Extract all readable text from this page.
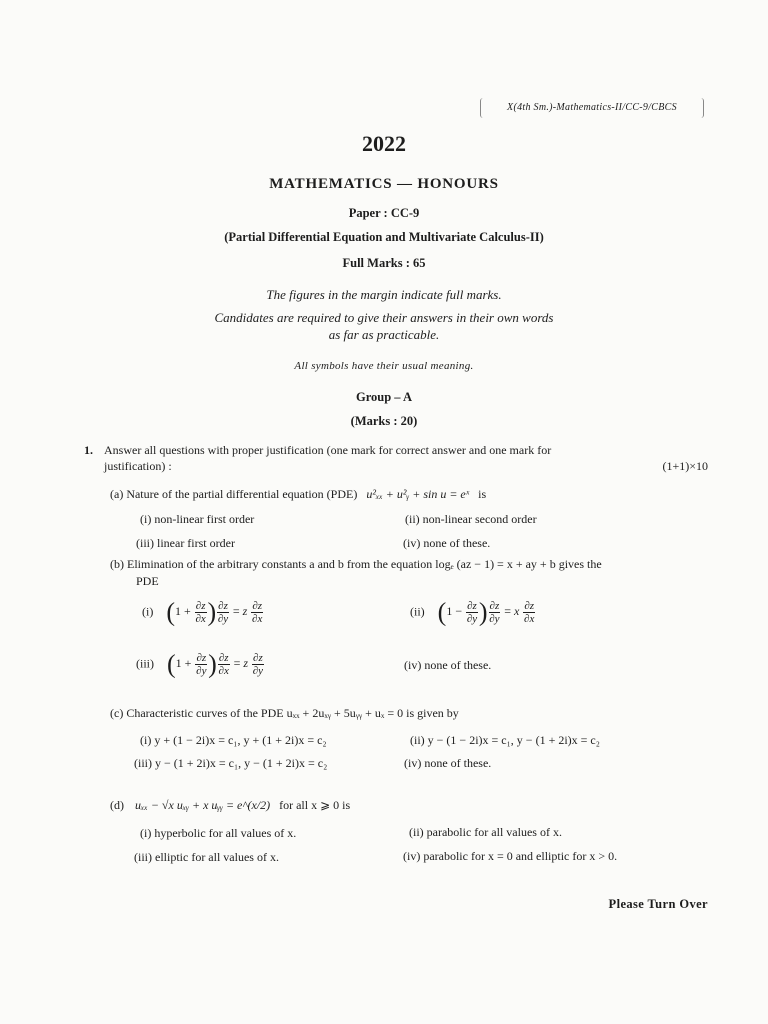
X(4th Sm.)-Mathematics-II/CC-9/CBCS
2022
MATHEMATICS — HONOURS
Paper : CC-9
(Partial Differential Equation and Multivariate Calculus-II)
Full Marks : 65
The figures in the margin indicate full marks.
Candidates are required to give their answers in their own words
as far as practicable.
All symbols have their usual meaning.
Group – A
(Marks : 20)
1. Answer all questions with proper justification (one mark for correct answer and one mark for
justification) :	(1+1)×10
(a) Nature of the partial differential equation (PDE) u²ₓₓ + u²ᵧ + sin u = eˣ is
(i) non-linear first order	(ii) non-linear second order
(iii) linear first order	(iv) none of these.
(b) Elimination of the arbitrary constants a and b from the equation logₑ (az − 1) = x + ay + b gives the
PDE
(i) ($1 + \frac{\partial z}{\partial x}$ ) $\frac{\partial z}{\partial y} = z \frac{\partial z}{\partial x}$	(ii) ($1 - \frac{\partial z}{\partial y}$ ) $\frac{\partial z}{\partial y} = x \frac{\partial z}{\partial x}$
(iii) ($1 + \frac{\partial z}{\partial y}$ ) $\frac{\partial z}{\partial x} = z \frac{\partial z}{\partial y}$	(iv) none of these.
(c) Characteristic curves of the PDE uₓₓ + 2uₓᵧ + 5uᵧᵧ + uₓ = 0 is given by
(i) y + (1 − 2i)x = c₁, y + (1 + 2i)x = c₂	(ii) y − (1 − 2i)x = c₁, y − (1 + 2i)x = c₂
(iii) y − (1 + 2i)x = c₁, y − (1 + 2i)x = c₂	(iv) none of these.
(d) uₓₓ − √x uₓᵧ + x uᵧᵧ = e^(x/2) for all x ⩾ 0 is
(i) hyperbolic for all values of x.	(ii) parabolic for all values of x.
(iii) elliptic for all values of x.	(iv) parabolic for x = 0 and elliptic for x > 0.
Please Turn Over
